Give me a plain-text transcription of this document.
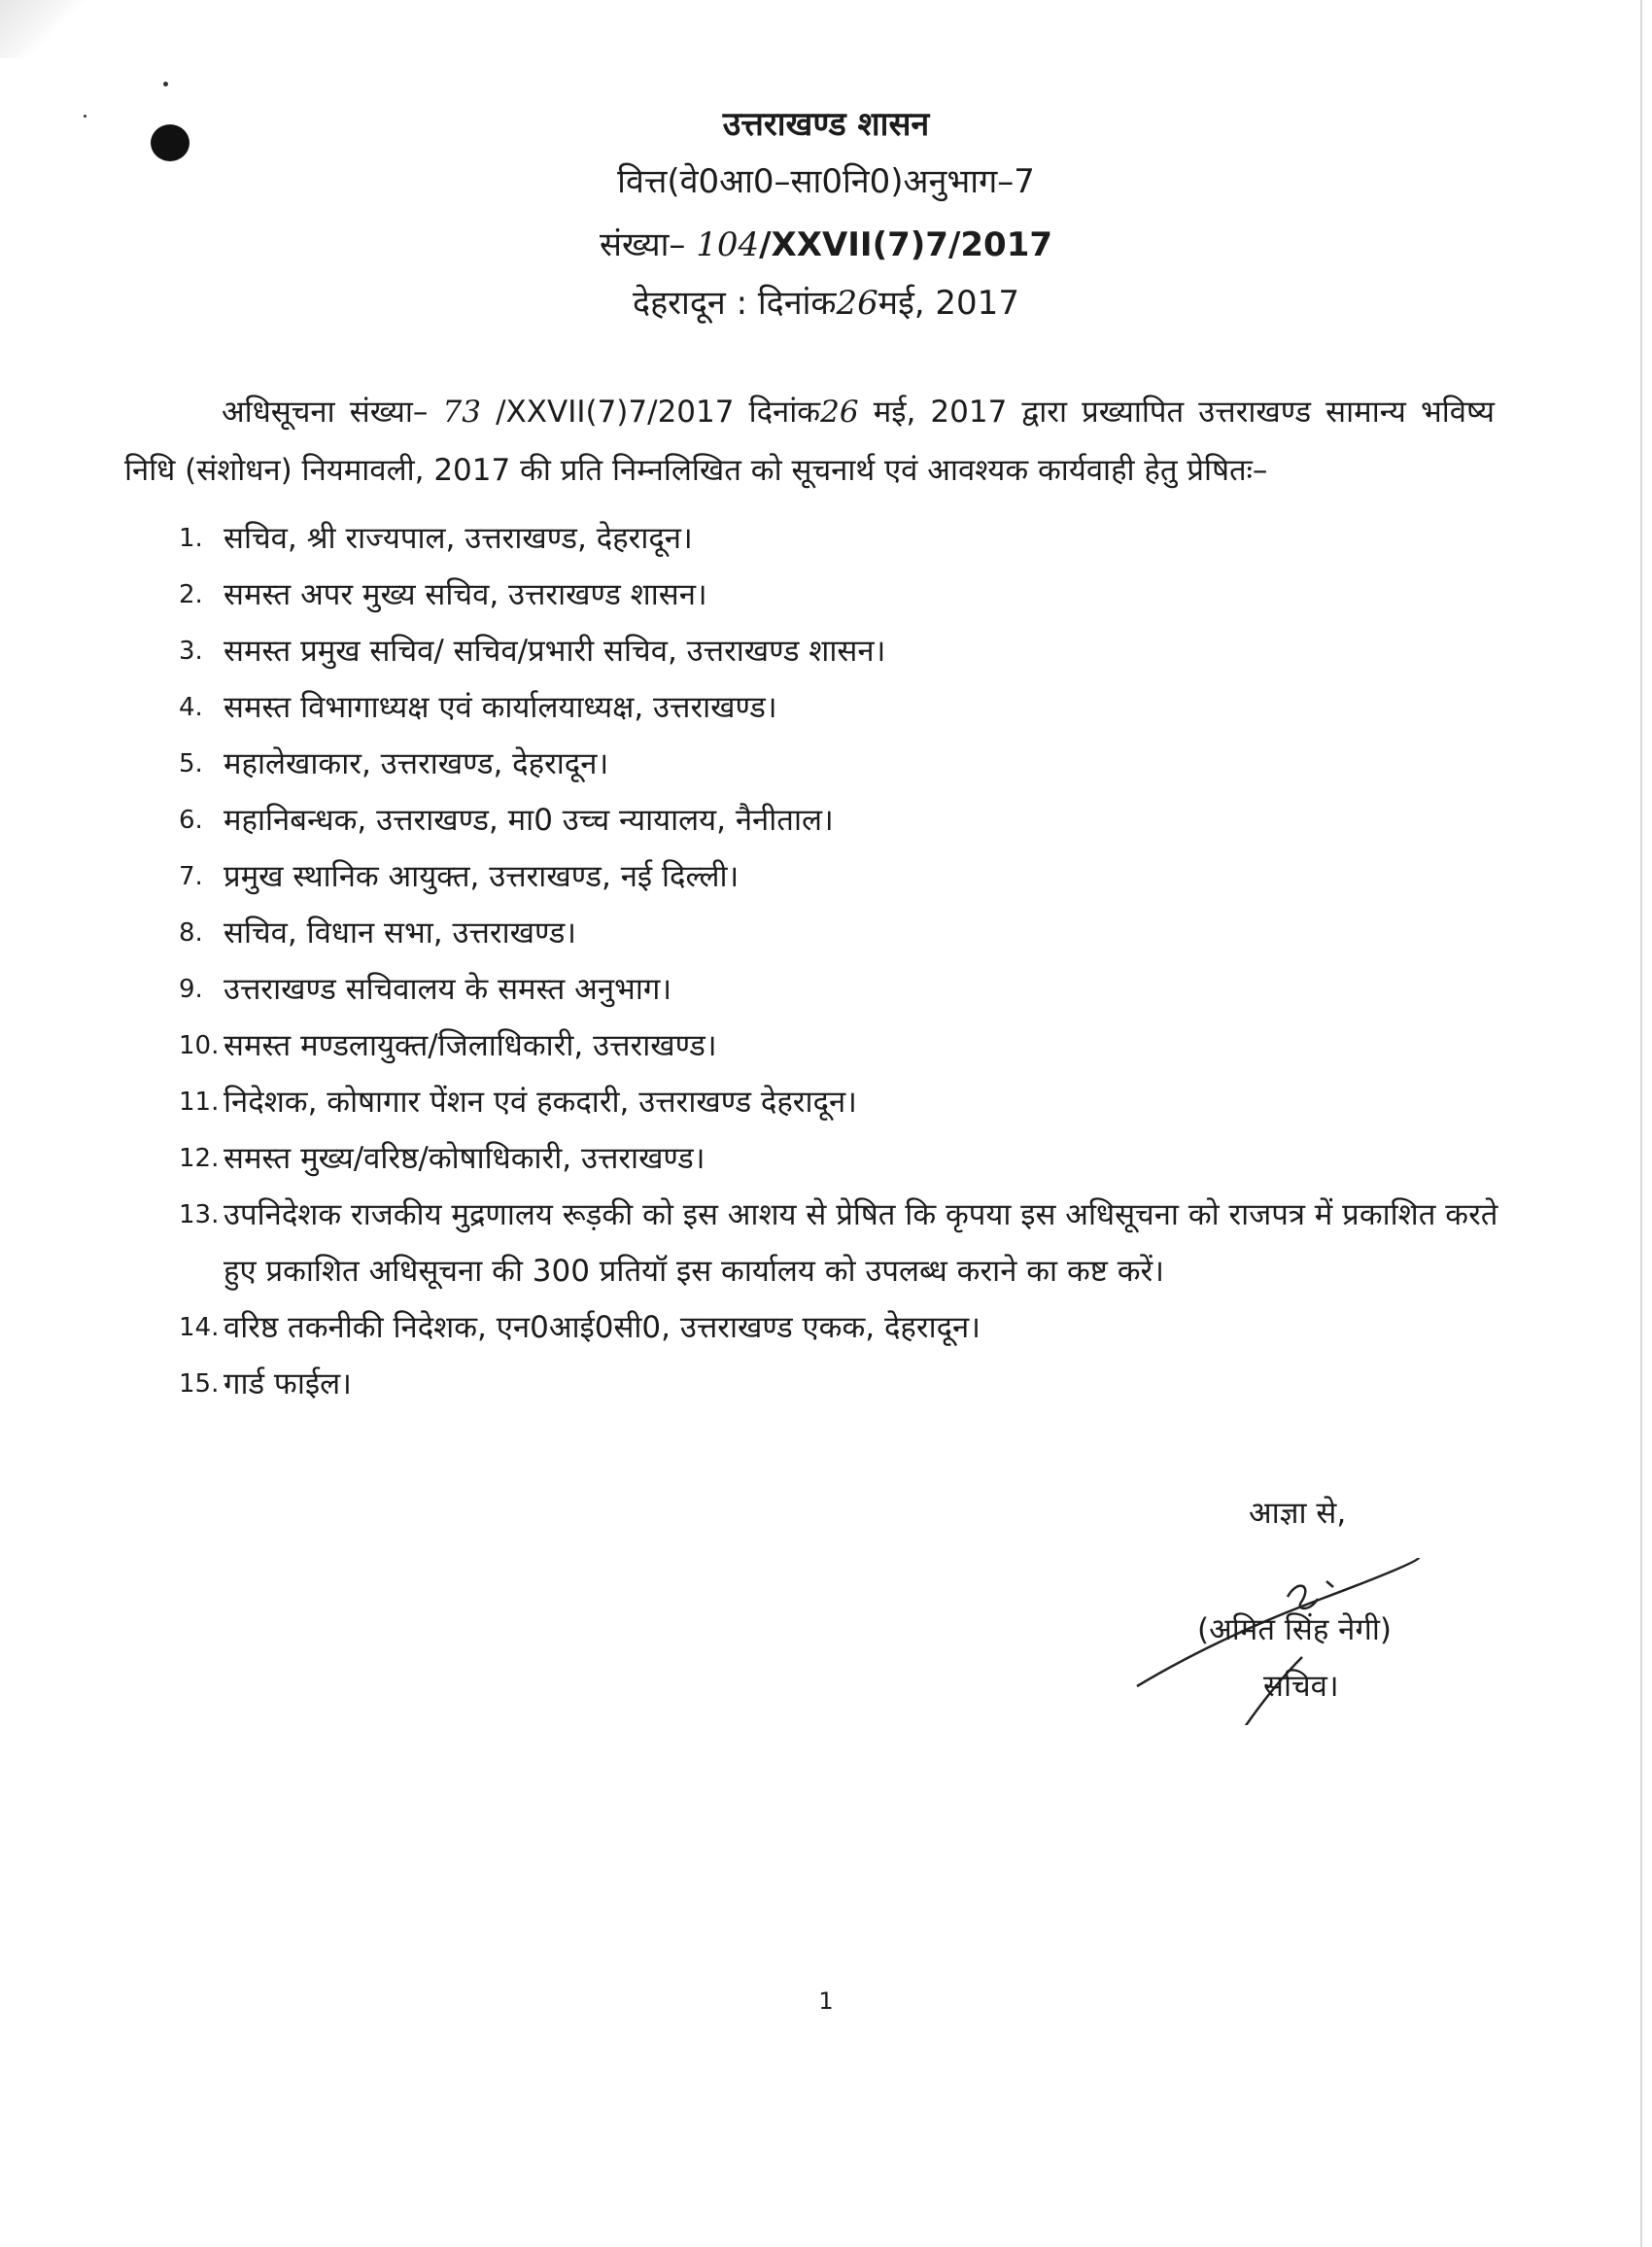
उत्तराखण्ड शासन
वित्त(वे0आ0–सा0नि0)अनुभाग–7
संख्या– 104/XXVII(7)7/2017
देहरादून : दिनांक26मई, 2017

अधिसूचना संख्या– 73 /XXVII(7)7/2017 दिनांक26 मई, 2017 द्वारा प्रख्यापित उत्तराखण्ड सामान्य भविष्य निधि (संशोधन) नियमावली, 2017 की प्रति निम्नलिखित को सूचनार्थ एवं आवश्यक कार्यवाही हेतु प्रेषितः–

1. सचिव, श्री राज्यपाल, उत्तराखण्ड, देहरादून।
2. समस्त अपर मुख्य सचिव, उत्तराखण्ड शासन।
3. समस्त प्रमुख सचिव/ सचिव/प्रभारी सचिव, उत्तराखण्ड शासन।
4. समस्त विभागाध्यक्ष एवं कार्यालयाध्यक्ष, उत्तराखण्ड।
5. महालेखाकार, उत्तराखण्ड, देहरादून।
6. महानिबन्धक, उत्तराखण्ड, मा0 उच्च न्यायालय, नैनीताल।
7. प्रमुख स्थानिक आयुक्त, उत्तराखण्ड, नई दिल्ली।
8. सचिव, विधान सभा, उत्तराखण्ड।
9. उत्तराखण्ड सचिवालय के समस्त अनुभाग।
10. समस्त मण्डलायुक्त/जिलाधिकारी, उत्तराखण्ड।
11. निदेशक, कोषागार पेंशन एवं हकदारी, उत्तराखण्ड देहरादून।
12. समस्त मुख्य/वरिष्ठ/कोषाधिकारी, उत्तराखण्ड।
13. उपनिदेशक राजकीय मुद्रणालय रूड़की को इस आशय से प्रेषित कि कृपया इस अधिसूचना को राजपत्र में प्रकाशित करते हुए प्रकाशित अधिसूचना की 300 प्रतियॉ इस कार्यालय को उपलब्ध कराने का कष्ट करें।
14. वरिष्ठ तकनीकी निदेशक, एन0आई0सी0, उत्तराखण्ड एकक, देहरादून।
15. गार्ड फाईल।
आज्ञा से,
(अमित सिंह नेगी)
सचिव।
1
